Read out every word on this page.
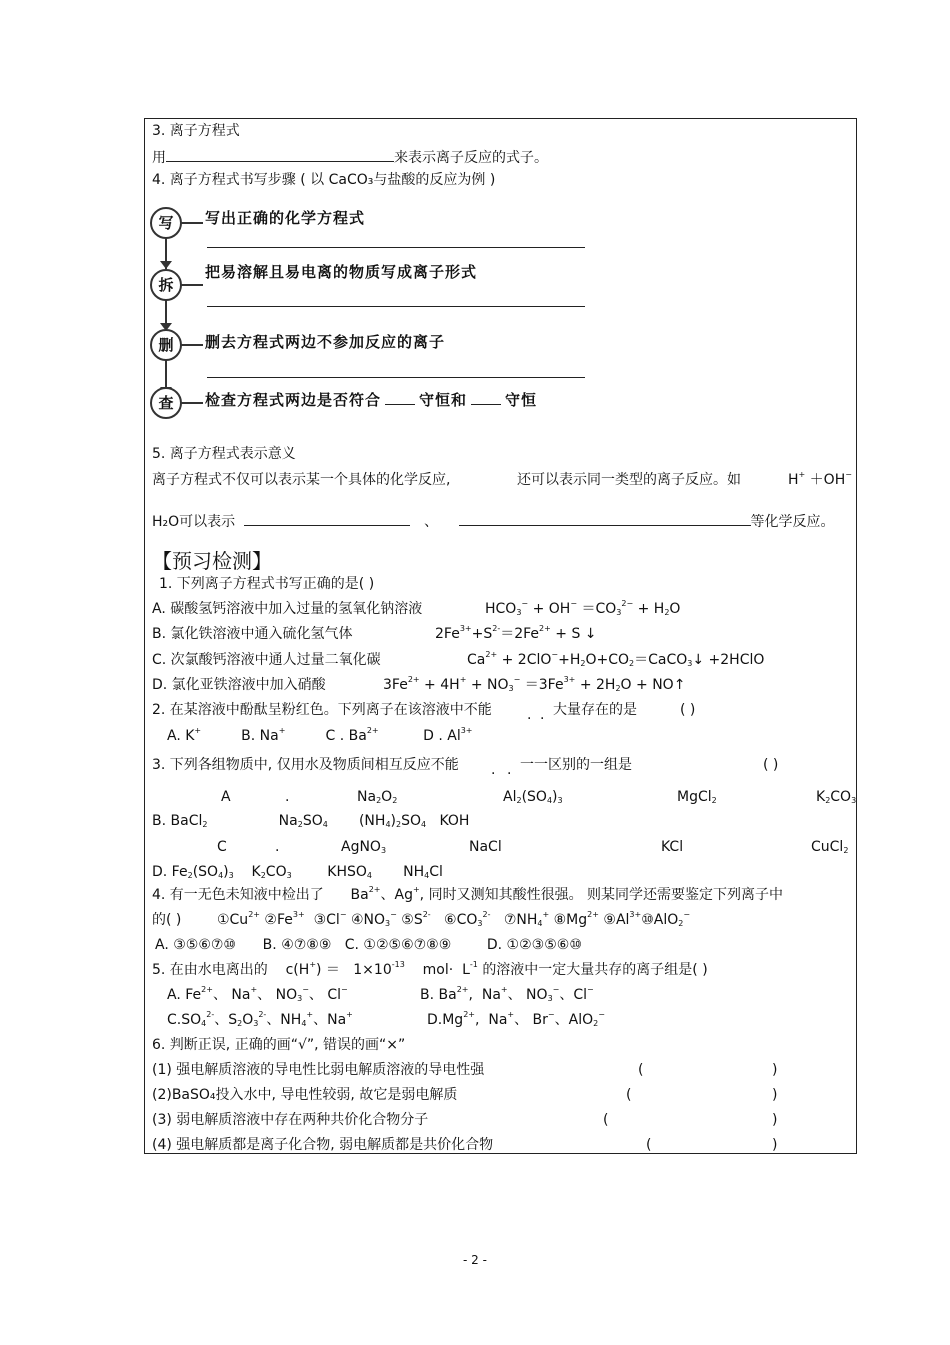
3. 离子方程式
用	来表示离子反应的式子。
4. 离子方程式书写步骤 ( 以 CaCO₃与盐酸的反应为例 )
写	写出正确的化学方程式
拆
把易溶解且易电离的物质写成离子形式
删	删去方程式两边不参加反应的离子
查	检查方程式两边是否符合	守恒和	守恒
5. 离子方程式表示意义
离子方程式不仅可以表示某一个具体的化学反应,	还可以表示同一类型的离子反应。如	H+ ＋OH−
H₂O可以表示	、	等化学反应。
【预习检测】
1. 下列离子方程式书写正确的是( )
A. 碳酸氢钙溶液中加入过量的氢氧化钠溶液	$HCO_3^- + OH^- =CO_3^{2-} + H_2O$
B. 氯化铁溶液中通入硫化氢气体	$2Fe^{3+}+S^{2-}=2Fe^{2+} + S$ ↓
C. 次氯酸钙溶液中通人过量二氧化碳	$Ca^{2+}$ + $2ClO^-+H_2O+CO_2=CaCO_3↓$ +2HClO
D. 氯化亚铁溶液中加入硝酸	$3Fe^{2+} + 4H^+ + NO_3^- =3Fe^{3+} + 2H_2O$ + NO↑
2. 在某溶液中酚酞呈粉红色。下列离子在该溶液中不能
· ·
大量存在的是	( )
A. K+         B. Na+         C . $Ba^{2+}$          D . $Al^{3+}$
3. 下列各组物质中, 仅用水及物质间相互反应不能
· ·
一一区别的一组是	( )
A	.	$Na_2O_2$	$Al_2(SO_4)_3$	MgCl$_2$	$K_2CO_3$
B. BaCl$_2$                $Na_2SO_4$       $(NH_4)_2SO_4$   KOH
C	.	AgNO$_3$	NaCl	KCl	CuCl$_2$
D. $Fe_2(SO_4)_3$    $K_2CO_3$        $KHSO_4$       $NH_4Cl$
4. 有一无色未知液中检出了      $Ba^{2+}$、Ag+, 同时又测知其酸性很强。 则某同学还需要鉴定下列离子中
的( )        $①Cu^{2+}$ $②Fe^{3+}$  ③Cl− $④NO_3^-$ $⑤S^{2-}$   $⑥CO_3^{2-}$   $⑦NH_4^+$ $⑧Mg^{2+}$ $⑨Al^{3+}⑩AlO_2^-$
A. ③⑤⑥⑦⑩      B. ④⑦⑧⑨   C. ①②⑤⑥⑦⑧⑨        D. ①②③⑤⑥⑩
5. 在由水电离出的    $c(H^+) = 1\times 10^{-13}$ $mol\cdot L^{-1}$ 的溶液中一定大量共存的离子组是( )
A. $Fe^{2+}$、 Na+、 $NO_3^-$、 Cl−	B. $Ba^{2+}$,  Na+、 $NO_3^-$、Cl−
$C.SO_4^{2-}$、$S_2O_3^{2-}$、$NH_4^+$、Na+	$D.Mg^{2+}$,  Na+、 Br−、AlO$_2$−
6. 判断正误, 正确的画“√”, 错误的画“×”
(1) 强电解质溶液的导电性比弱电解质溶液的导电性强	(	)
(2)BaSO₄投入水中, 导电性较弱, 故它是弱电解质	(	)
(3) 弱电解质溶液中存在两种共价化合物分子	(	)
(4) 强电解质都是离子化合物, 弱电解质都是共价化合物	(	)
- 2 -
